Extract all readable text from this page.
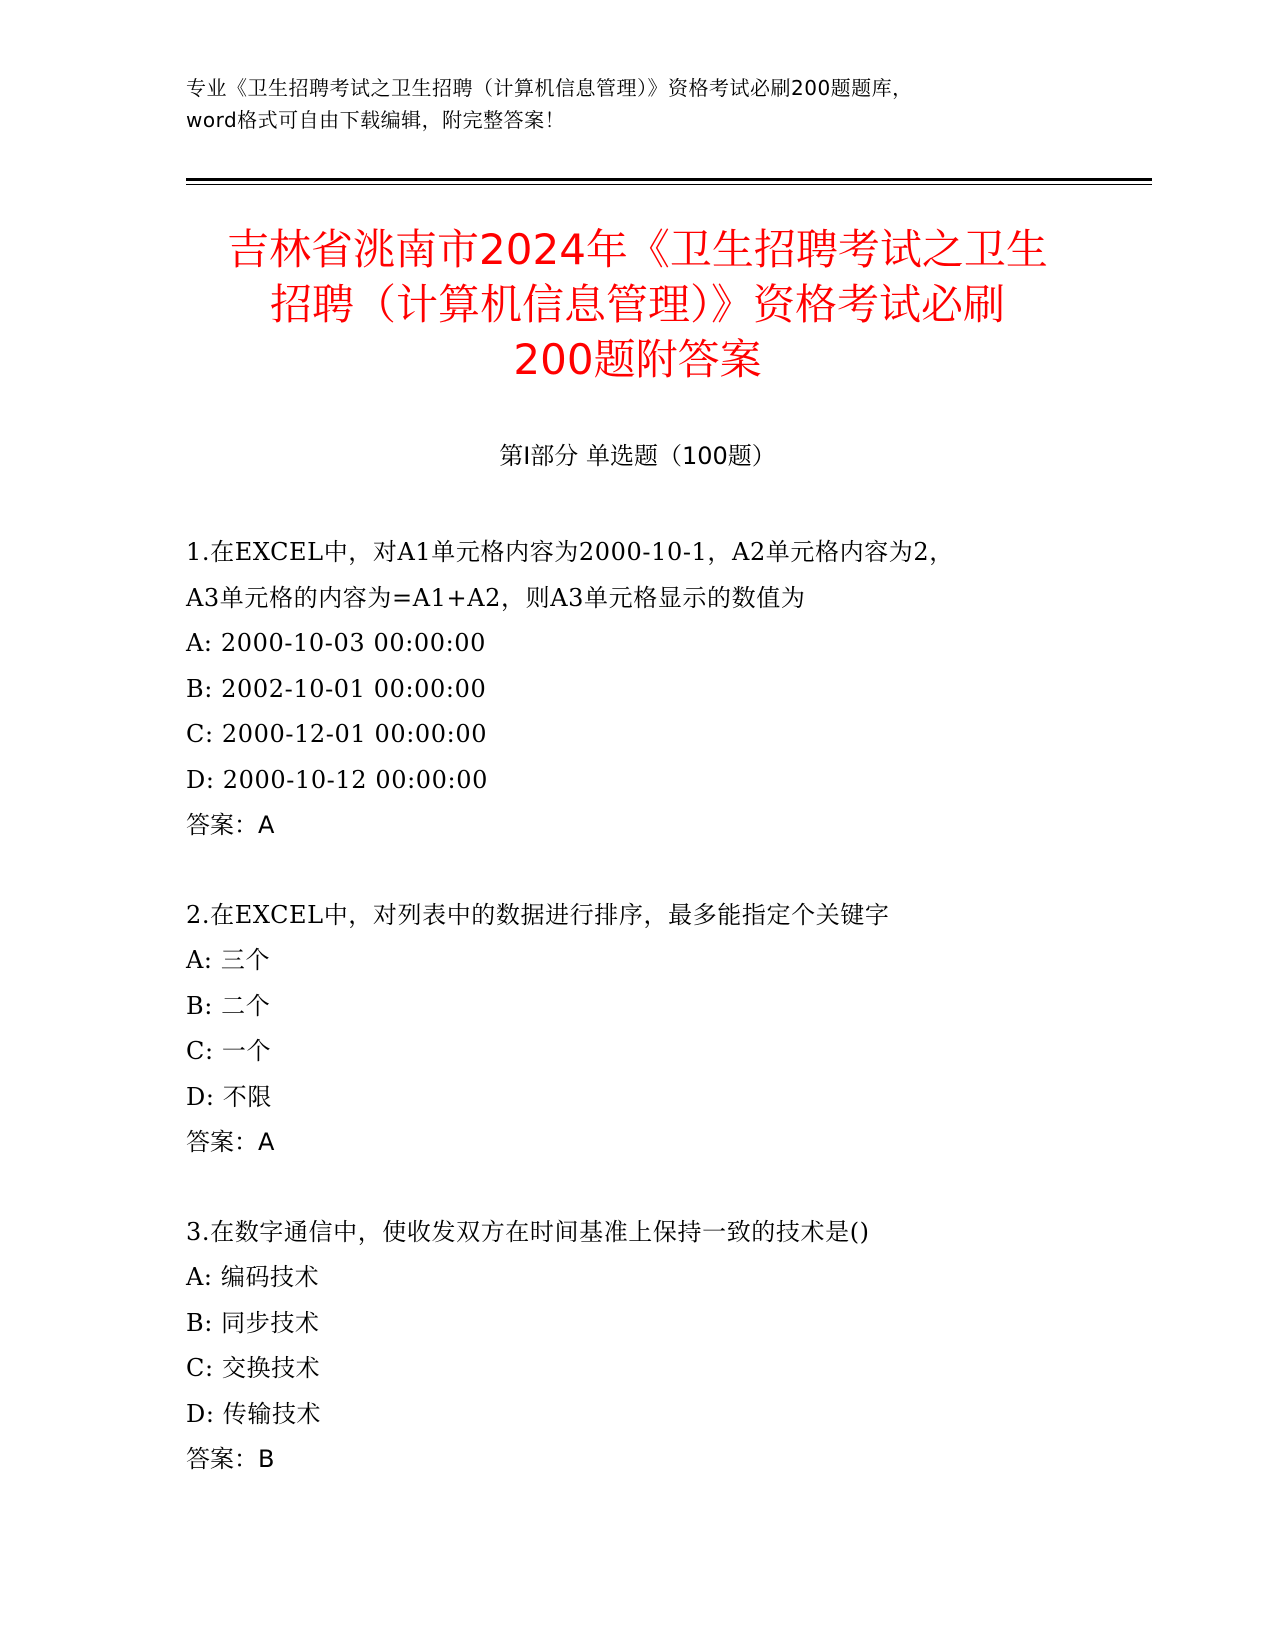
专业《卫生招聘考试之卫生招聘（计算机信息管理）》资格考试必刷200题题库，
word格式可自由下载编辑，附完整答案！
吉林省洮南市2024年《卫生招聘考试之卫生
招聘（计算机信息管理）》资格考试必刷
200题附答案
第I部分 单选题（100题）
1.在EXCEL中，对A1单元格内容为2000-10-1，A2单元格内容为2，
A3单元格的内容为=A1+A2，则A3单元格显示的数值为
A: 2000-10-03 00:00:00
B: 2002-10-01 00:00:00
C: 2000-12-01 00:00:00
D: 2000-10-12 00:00:00
答案：A
2.在EXCEL中，对列表中的数据进行排序，最多能指定个关键字
A: 三个
B: 二个
C: 一个
D: 不限
答案：A
3.在数字通信中，使收发双方在时间基准上保持一致的技术是()
A: 编码技术
B: 同步技术
C: 交换技术
D: 传输技术
答案：B
